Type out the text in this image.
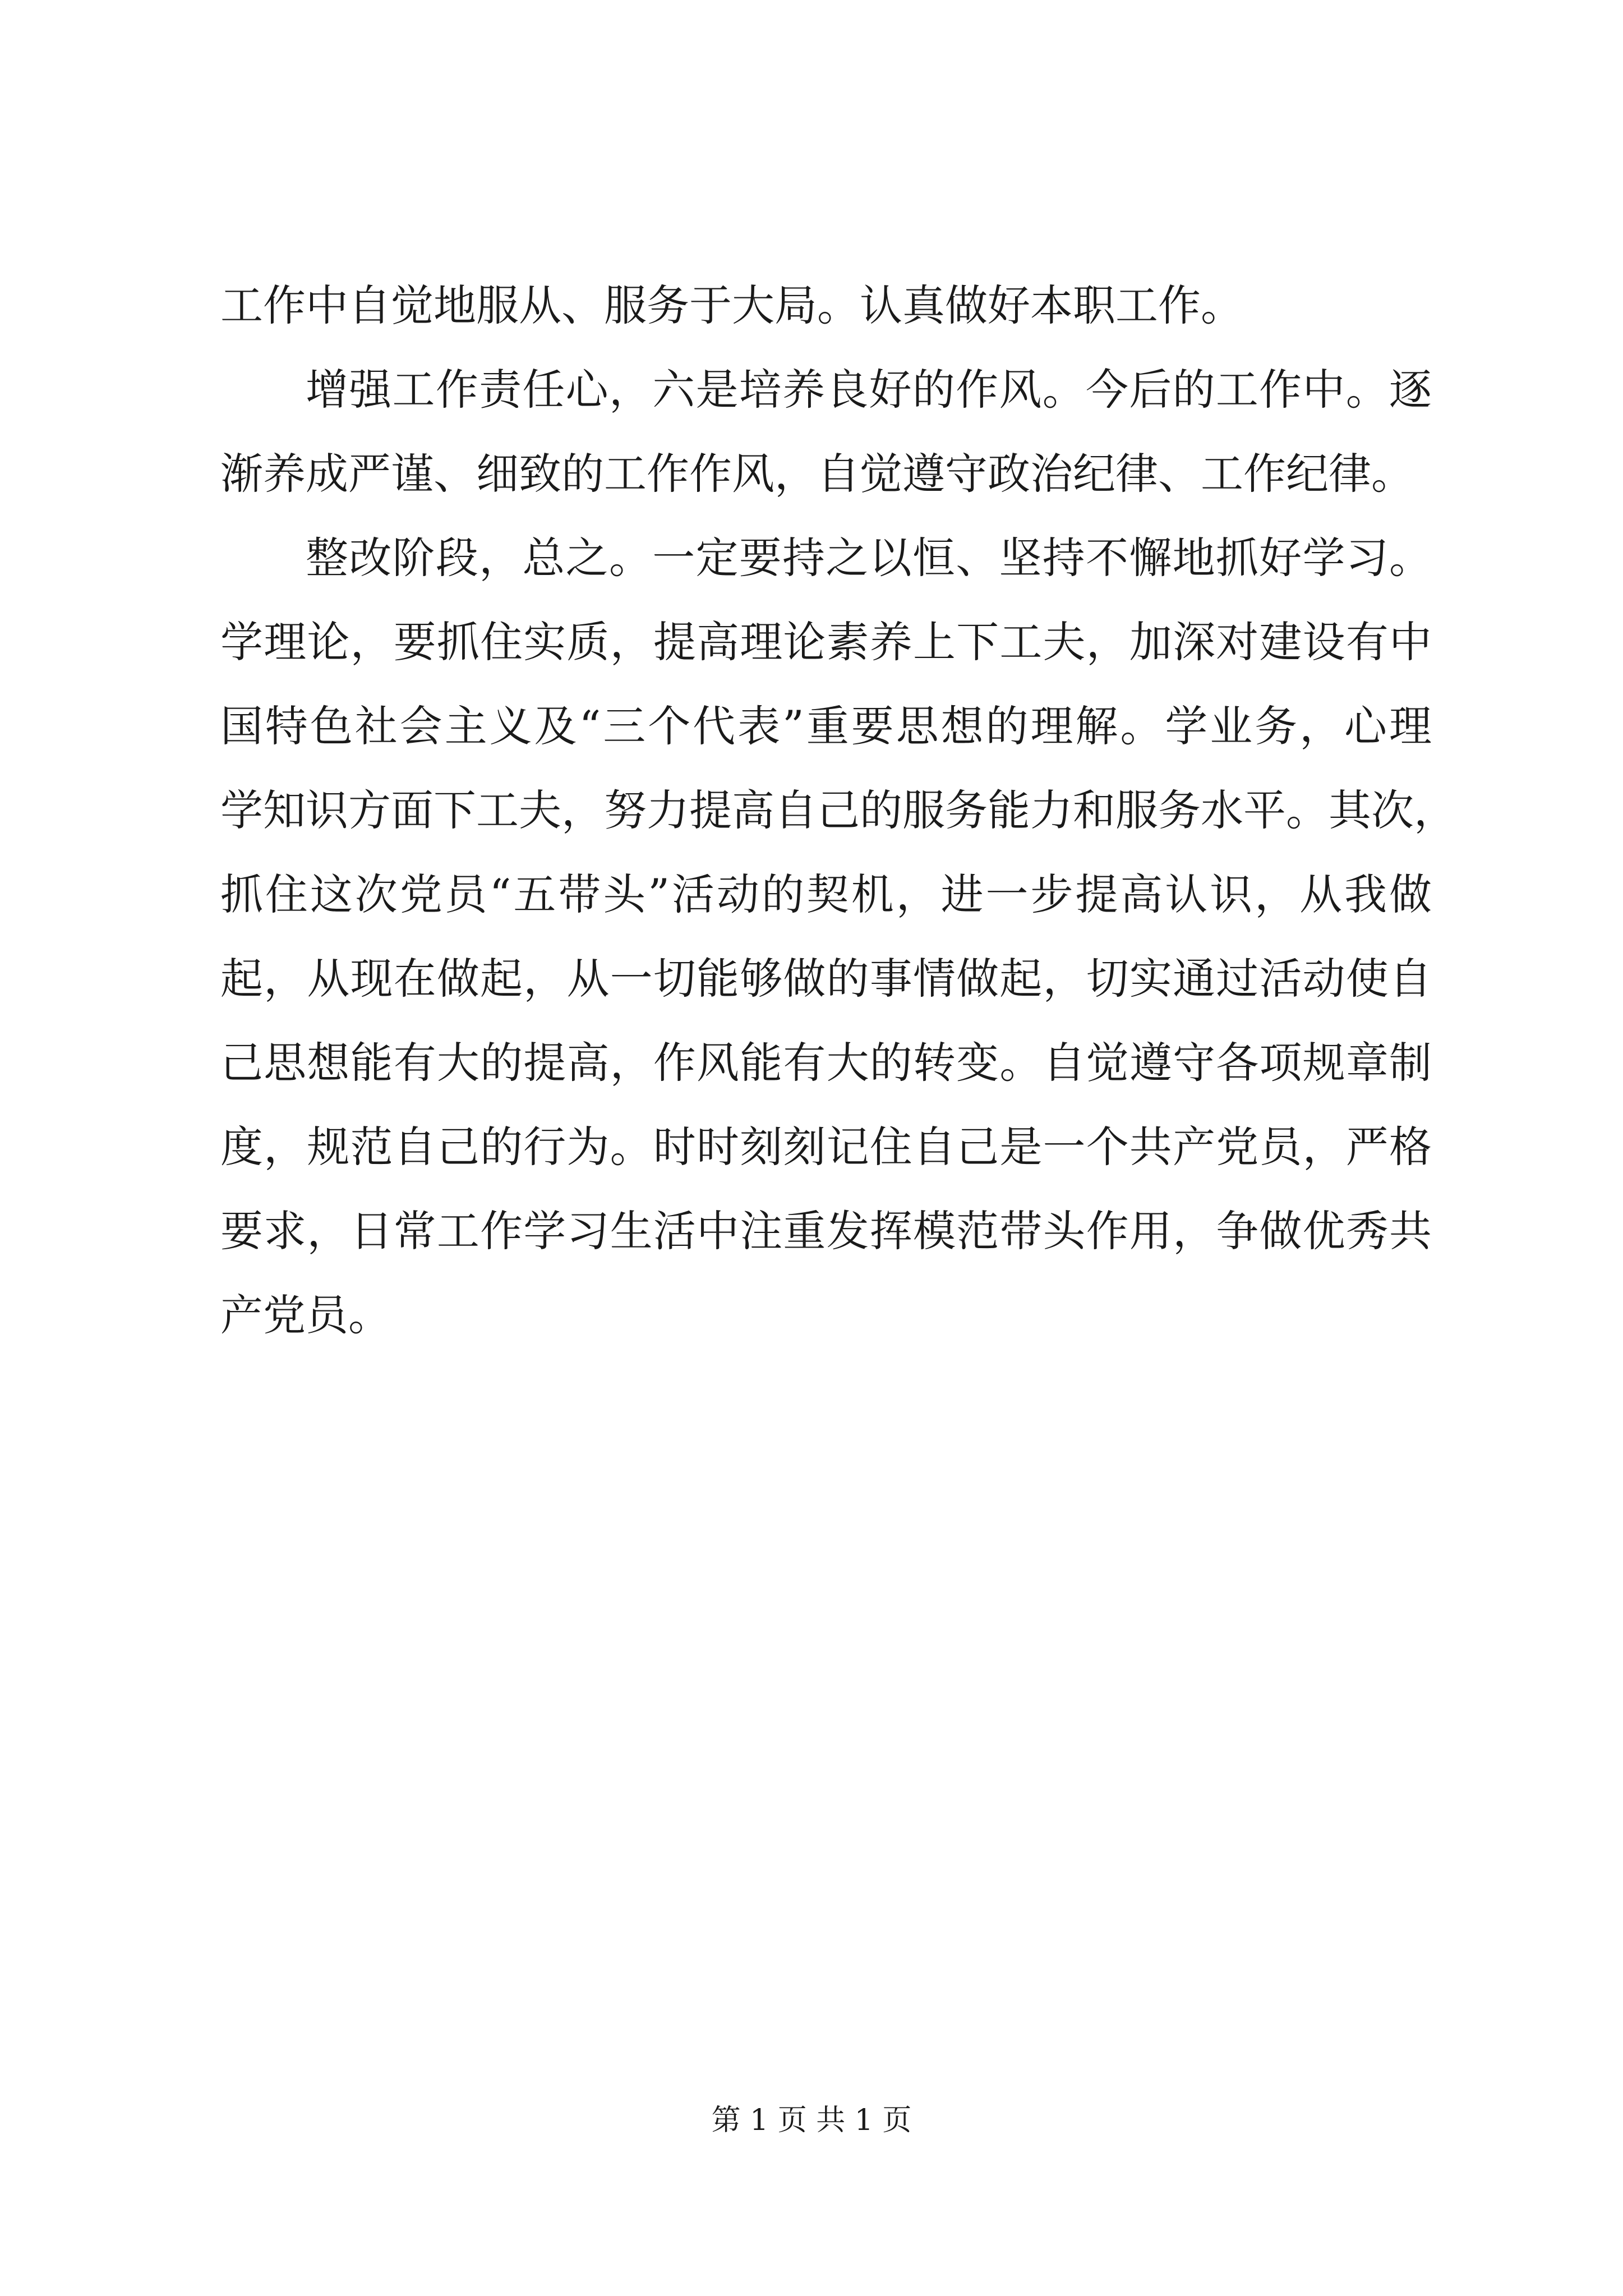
工作中自觉地服从、服务于大局。认真做好本职工作。
增强工作责任心，六是培养良好的作风。今后的工作中。逐
渐养成严谨、细致的工作作风，自觉遵守政治纪律、工作纪律。
整改阶段，总之。一定要持之以恒、坚持不懈地抓好学习。
学理论，要抓住实质，提高理论素养上下工夫，加深对建设有中
国特色社会主义及“三个代表”重要思想的理解。学业务，心理
学知识方面下工夫，努力提高自己的服务能力和服务水平。其次，
抓住这次党员“五带头”活动的契机，进一步提高认识，从我做
起，从现在做起，从一切能够做的事情做起，切实通过活动使自
己思想能有大的提高，作风能有大的转变。自觉遵守各项规章制
度，规范自己的行为。时时刻刻记住自己是一个共产党员，严格
要求，日常工作学习生活中注重发挥模范带头作用，争做优秀共
产党员。
第 1 页 共 1 页
